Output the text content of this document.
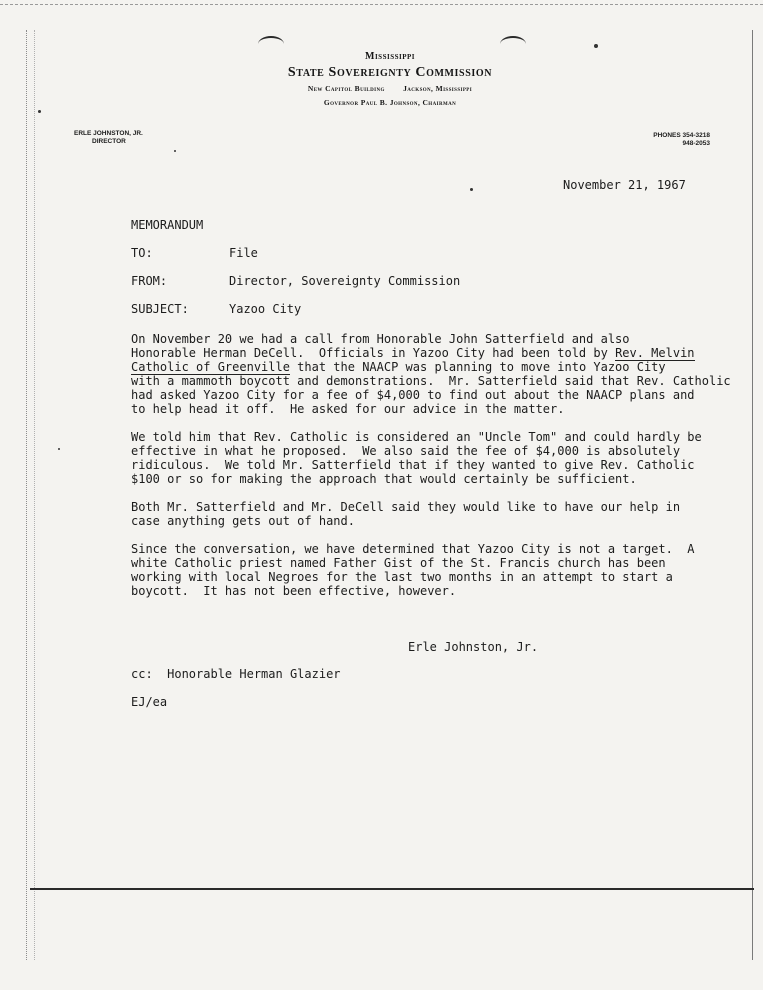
Mississippi
State Sovereignty Commission
New Capitol Building Jackson, Mississippi
Governor Paul B. Johnson, Chairman
ERLE JOHNSTON, JR.
DIRECTOR
PHONES 354-3218
948-2053
November 21, 1967
MEMORANDUM
TO:	File
FROM:	Director, Sovereignty Commission
SUBJECT:	Yazoo City
On November 20 we had a call from Honorable John Satterfield and also
Honorable Herman DeCell.  Officials in Yazoo City had been told by Rev. Melvin
Catholic of Greenville that the NAACP was planning to move into Yazoo City
with a mammoth boycott and demonstrations.  Mr. Satterfield said that Rev. Catholic
had asked Yazoo City for a fee of $4,000 to find out about the NAACP plans and
to help head it off.  He asked for our advice in the matter.
We told him that Rev. Catholic is considered an "Uncle Tom" and could hardly be
effective in what he proposed.  We also said the fee of $4,000 is absolutely
ridiculous.  We told Mr. Satterfield that if they wanted to give Rev. Catholic
$100 or so for making the approach that would certainly be sufficient.
Both Mr. Satterfield and Mr. DeCell said they would like to have our help in
case anything gets out of hand.
Since the conversation, we have determined that Yazoo City is not a target.  A
white Catholic priest named Father Gist of the St. Francis church has been
working with local Negroes for the last two months in an attempt to start a
boycott.  It has not been effective, however.
Erle Johnston, Jr.
cc:  Honorable Herman Glazier
EJ/ea
